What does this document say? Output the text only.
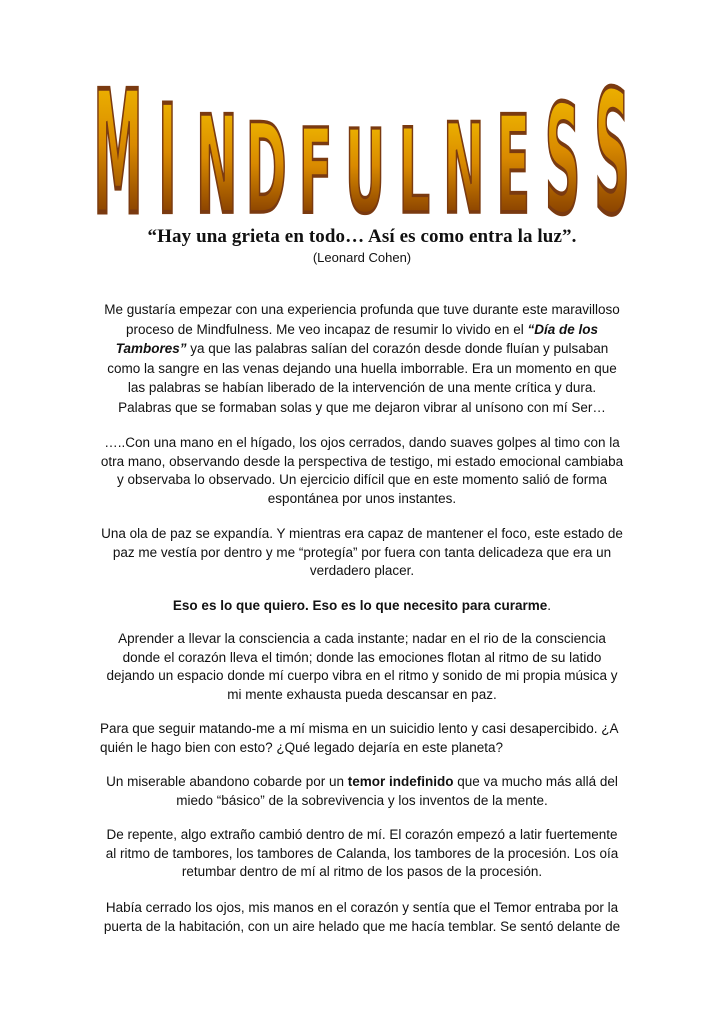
M I N D F U L N E S S
“Hay una grieta en todo… Así es como entra la luz”.
(Leonard Cohen)

Me gustaría empezar con una experiencia profunda que tuve durante este maravilloso proceso de Mindfulness. Me veo incapaz de resumir lo vivido en el “Día de los Tambores” ya que las palabras salían del corazón desde donde fluían y pulsaban como la sangre en las venas dejando una huella imborrable. Era un momento en que las palabras se habían liberado de la intervención de una mente crítica y dura. Palabras que se formaban solas y que me dejaron vibrar al unísono con mí Ser…

…..Con una mano en el hígado, los ojos cerrados, dando suaves golpes al timo con la otra mano, observando desde la perspectiva de testigo, mi estado emocional cambiaba y observaba lo observado. Un ejercicio difícil que en este momento salió de forma espontánea por unos instantes.

Una ola de paz se expandía. Y mientras era capaz de mantener el foco, este estado de paz me vestía por dentro y me “protegía” por fuera con tanta delicadeza que era un verdadero placer.

Eso es lo que quiero. Eso es lo que necesito para curarme.

Aprender a llevar la consciencia a cada instante; nadar en el rio de la consciencia donde el corazón lleva el timón; donde las emociones flotan al ritmo de su latido dejando un espacio donde mí cuerpo vibra en el ritmo y sonido de mi propia música y mi mente exhausta pueda descansar en paz.

Para que seguir matando-me a mí misma en un suicidio lento y casi desapercibido. ¿A quién le hago bien con esto? ¿Qué legado dejaría en este planeta?

Un miserable abandono cobarde por un temor indefinido que va mucho más allá del miedo “básico” de la sobrevivencia y los inventos de la mente.

De repente, algo extraño cambió dentro de mí. El corazón empezó a latir fuertemente al ritmo de tambores, los tambores de Calanda, los tambores de la procesión. Los oía retumbar dentro de mí al ritmo de los pasos de la procesión.

Había cerrado los ojos, mis manos en el corazón y sentía que el Temor entraba por la puerta de la habitación, con un aire helado que me hacía temblar. Se sentó delante de
